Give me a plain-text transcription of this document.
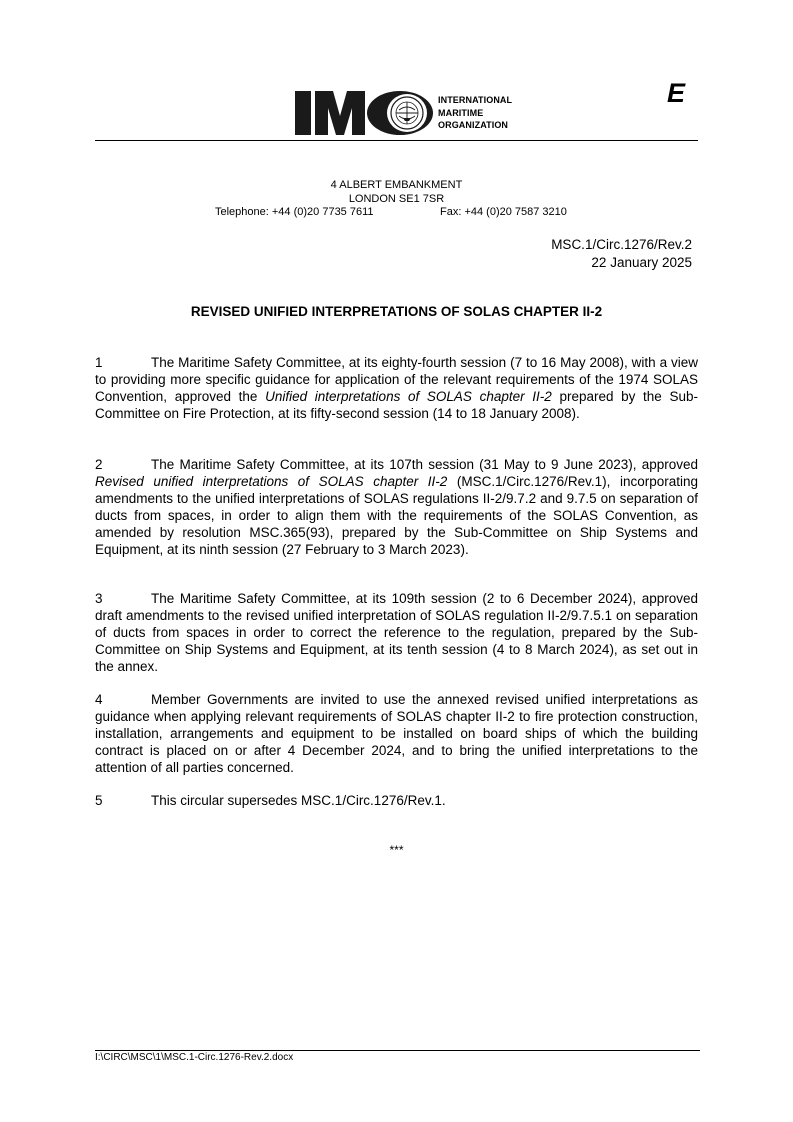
INTERNATIONAL
MARITIME
ORGANIZATION
E
4 ALBERT EMBANKMENT
LONDON SE1 7SR
Telephone: +44 (0)20 7735 7611	Fax: +44 (0)20 7587 3210
MSC.1/Circ.1276/Rev.2
22 January 2025
REVISED UNIFIED INTERPRETATIONS OF SOLAS CHAPTER II-2
1	The Maritime Safety Committee, at its eighty-fourth session (7 to 16 May 2008), with a view to providing more specific guidance for application of the relevant requirements of the 1974 SOLAS Convention, approved the Unified interpretations of SOLAS chapter II-2 prepared by the Sub-Committee on Fire Protection, at its fifty-second session (14 to 18 January 2008).
2	The Maritime Safety Committee, at its 107th session (31 May to 9 June 2023), approved Revised unified interpretations of SOLAS chapter II-2 (MSC.1/Circ.1276/Rev.1), incorporating amendments to the unified interpretations of SOLAS regulations II-2/9.7.2 and 9.7.5 on separation of ducts from spaces, in order to align them with the requirements of the SOLAS Convention, as amended by resolution MSC.365(93), prepared by the Sub-Committee on Ship Systems and Equipment, at its ninth session (27 February to 3 March 2023).
3	The Maritime Safety Committee, at its 109th session (2 to 6 December 2024), approved draft amendments to the revised unified interpretation of SOLAS regulation II-2/9.7.5.1 on separation of ducts from spaces in order to correct the reference to the regulation, prepared by the Sub-Committee on Ship Systems and Equipment, at its tenth session (4 to 8 March 2024), as set out in the annex.
4	Member Governments are invited to use the annexed revised unified interpretations as guidance when applying relevant requirements of SOLAS chapter II-2 to fire protection construction, installation, arrangements and equipment to be installed on board ships of which the building contract is placed on or after 4 December 2024, and to bring the unified interpretations to the attention of all parties concerned.
5	This circular supersedes MSC.1/Circ.1276/Rev.1.
***
I:\CIRC\MSC\1\MSC.1-Circ.1276-Rev.2.docx
